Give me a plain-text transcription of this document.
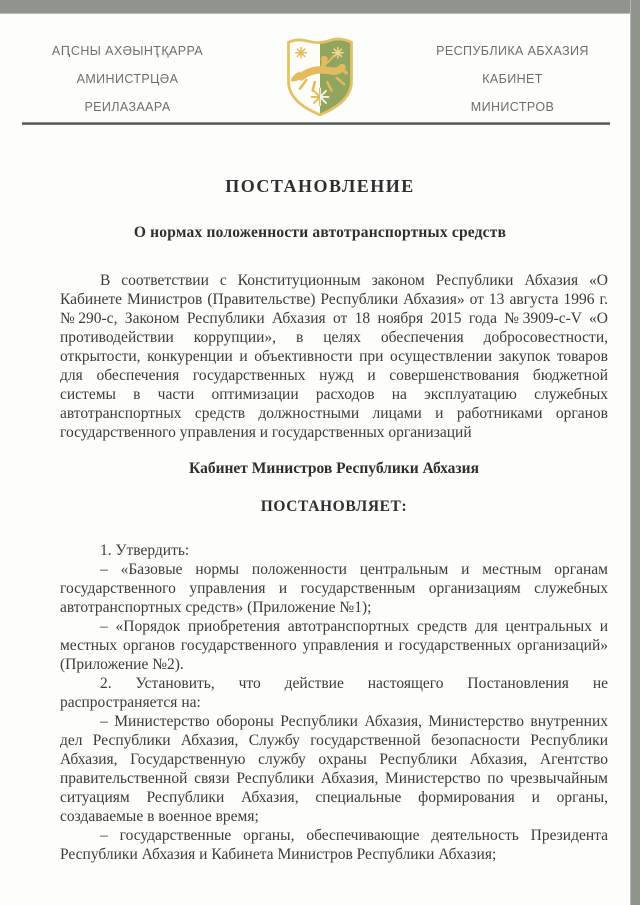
АԤСНЫ АХӘЫНҬҚАРРА
АМИНИСТРЦӘА
РЕИЛАЗААРА
РЕСПУБЛИКА АБХАЗИЯ
КАБИНЕТ
МИНИСТРОВ
ПОСТАНОВЛЕНИЕ
О нормах положенности автотранспортных средств

В соответствии с Конституционным законом Республики Абхазия «О Кабинете Министров (Правительстве) Республики Абхазия» от 13 августа 1996 г. №290-с, Законом Республики Абхазия от 18 ноября 2015 года №3909-с-V «О противодействии коррупции», в целях обеспечения добросовестности, открытости, конкуренции и объективности при осуществлении закупок товаров для обеспечения государственных нужд и совершенствования бюджетной системы в части оптимизации расходов на эксплуатацию служебных автотранспортных средств должностными лицами и работниками органов государственного управления и государственных организаций

Кабинет Министров Республики Абхазия

ПОСТАНОВЛЯЕТ:

1. Утвердить:

– «Базовые нормы положенности центральным и местным органам государственного управления и государственным организациям служебных автотранспортных средств» (Приложение №1);

– «Порядок приобретения автотранспортных средств для центральных и местных органов государственного управления и государственных организаций» (Приложение №2).

2. Установить, что действие настоящего Постановления не распространяется на:

– Министерство обороны Республики Абхазия, Министерство внутренних дел Республики Абхазия, Службу государственной безопасности Республики Абхазия, Государственную службу охраны Республики Абхазия, Агентство правительственной связи Республики Абхазия, Министерство по чрезвычайным ситуациям Республики Абхазия, специальные формирования и органы, создаваемые в военное время;

– государственные органы, обеспечивающие деятельность Президента Республики Абхазия и Кабинета Министров Республики Абхазия;
